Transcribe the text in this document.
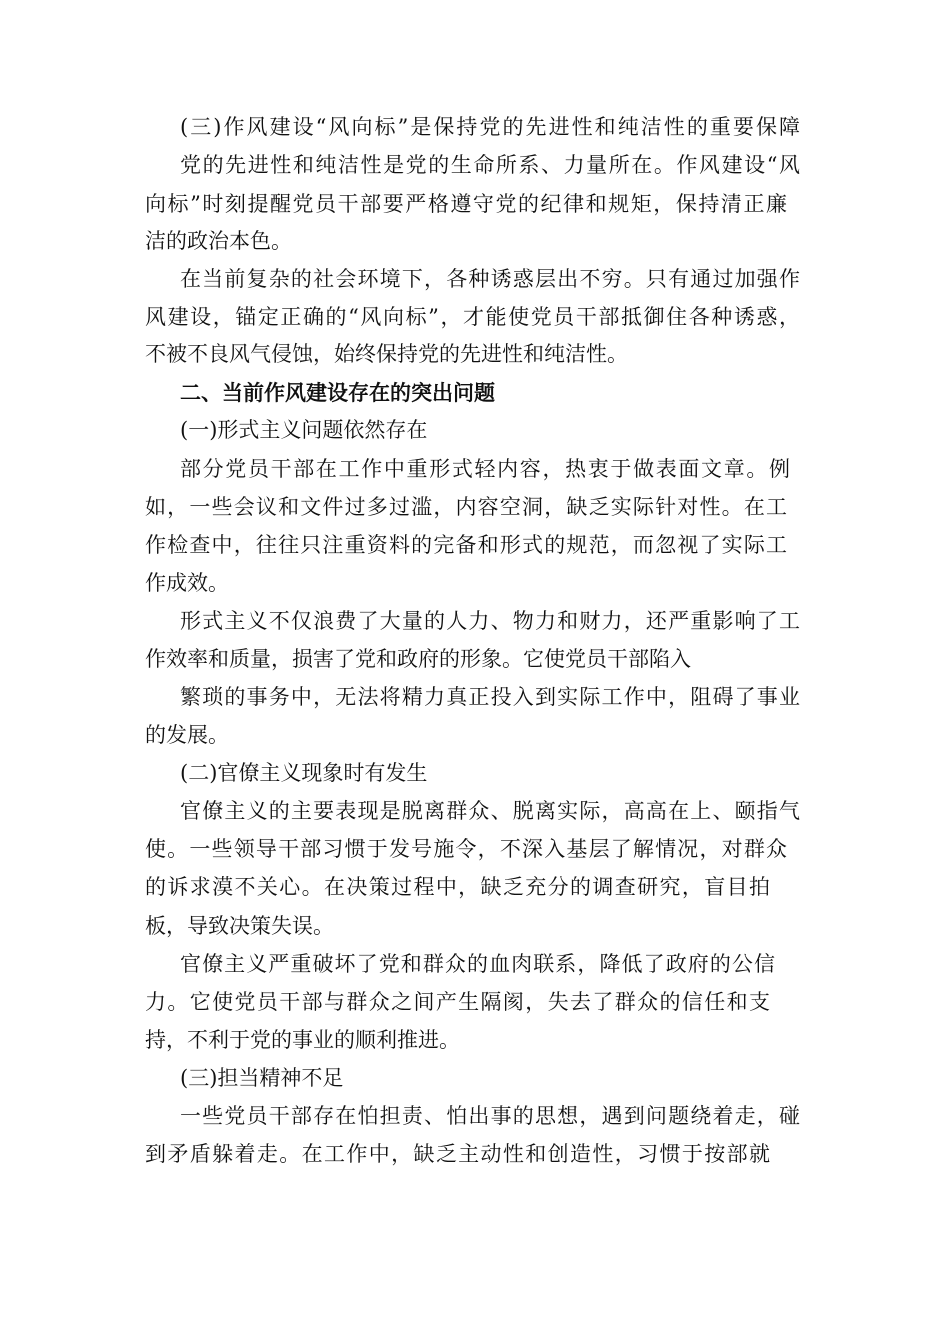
(三)作风建设“风向标”是保持党的先进性和纯洁性的重要保障
党的先进性和纯洁性是党的生命所系、力量所在。作风建设“风
向标”时刻提醒党员干部要严格遵守党的纪律和规矩，保持清正廉
洁的政治本色。
在当前复杂的社会环境下，各种诱惑层出不穷。只有通过加强作
风建设，锚定正确的“风向标”，才能使党员干部抵御住各种诱惑，
不被不良风气侵蚀，始终保持党的先进性和纯洁性。
二、当前作风建设存在的突出问题
(一)形式主义问题依然存在
部分党员干部在工作中重形式轻内容，热衷于做表面文章。例
如，一些会议和文件过多过滥，内容空洞，缺乏实际针对性。在工
作检查中，往往只注重资料的完备和形式的规范，而忽视了实际工
作成效。
形式主义不仅浪费了大量的人力、物力和财力，还严重影响了工
作效率和质量，损害了党和政府的形象。它使党员干部陷入
繁琐的事务中，无法将精力真正投入到实际工作中，阻碍了事业
的发展。
(二)官僚主义现象时有发生
官僚主义的主要表现是脱离群众、脱离实际，高高在上、颐指气
使。一些领导干部习惯于发号施令，不深入基层了解情况，对群众
的诉求漠不关心。在决策过程中，缺乏充分的调查研究，盲目拍
板，导致决策失误。
官僚主义严重破坏了党和群众的血肉联系，降低了政府的公信
力。它使党员干部与群众之间产生隔阂，失去了群众的信任和支
持，不利于党的事业的顺利推进。
(三)担当精神不足
一些党员干部存在怕担责、怕出事的思想，遇到问题绕着走，碰
到矛盾躲着走。在工作中，缺乏主动性和创造性，习惯于按部就
